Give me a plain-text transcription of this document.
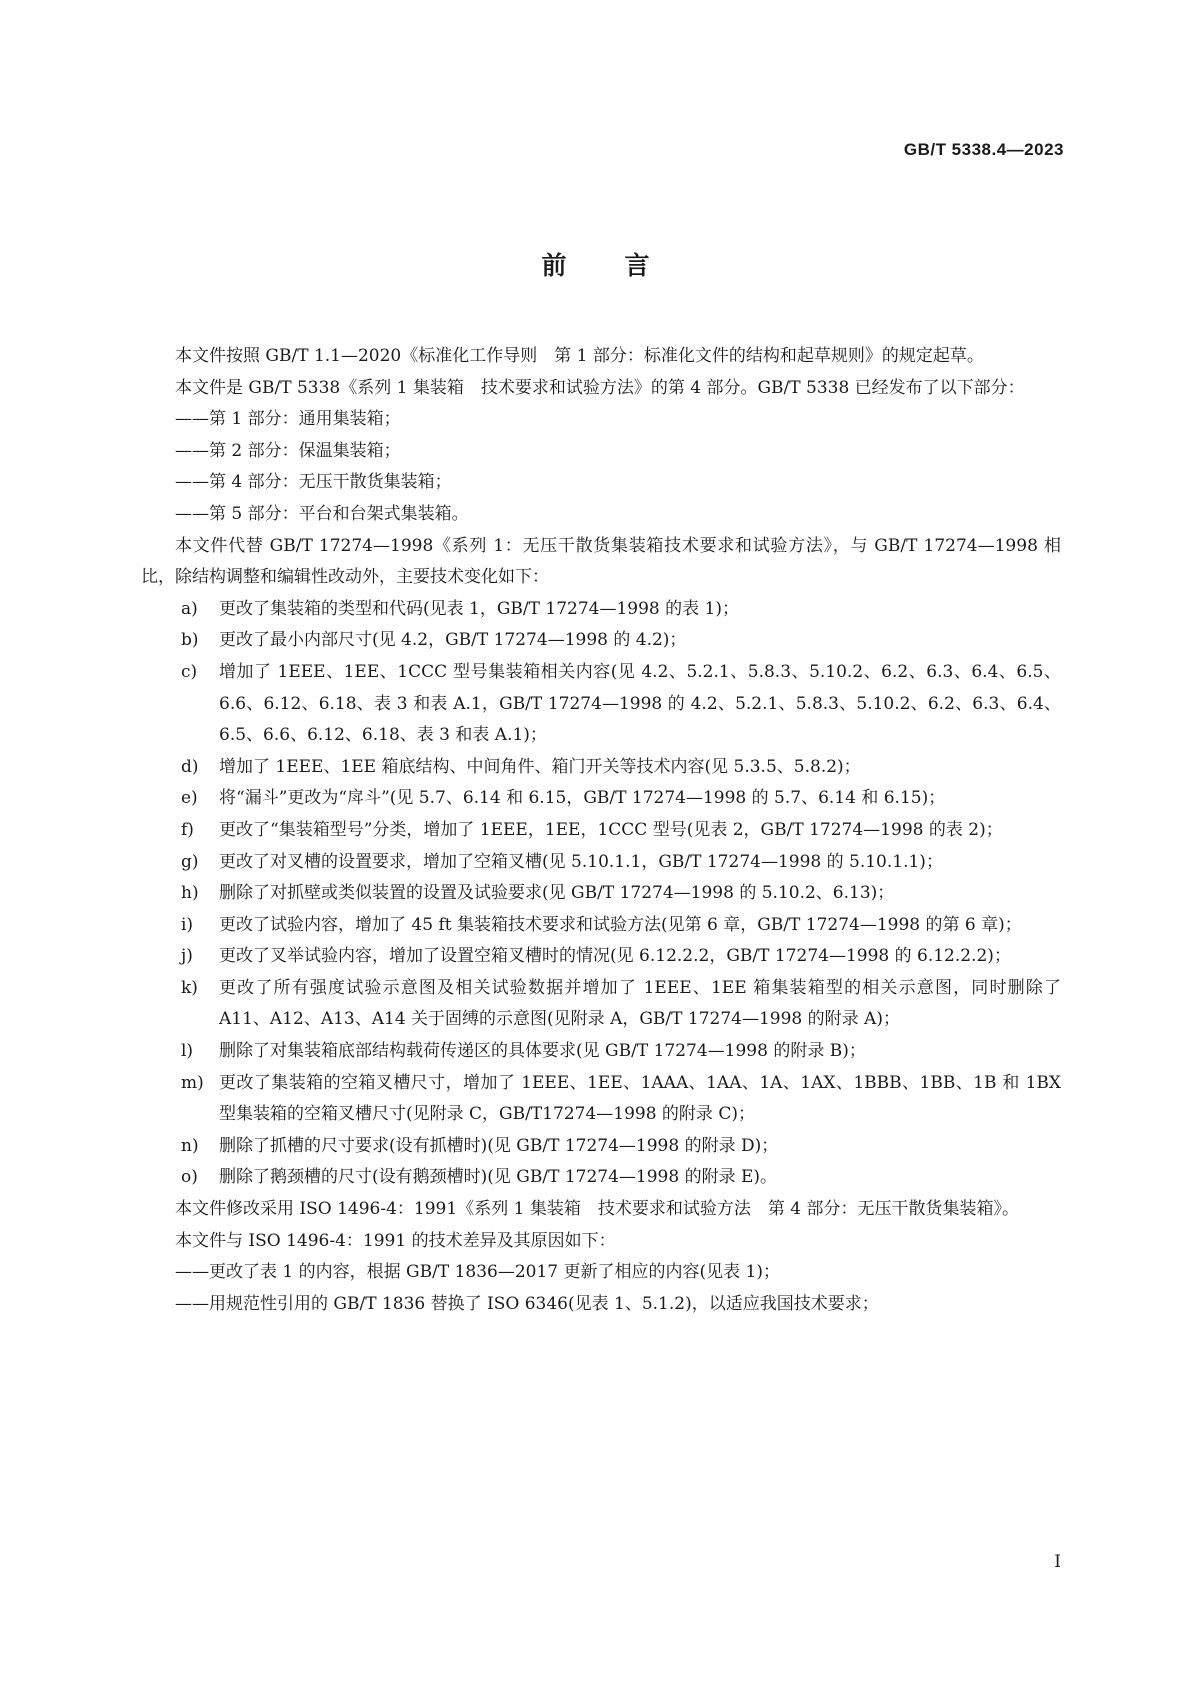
GB/T 5338.4—2023
前言
本文件按照 GB/T 1.1—2020《标准化工作导则　第 1 部分：标准化文件的结构和起草规则》的规定起草。
本文件是 GB/T 5338《系列 1 集装箱　技术要求和试验方法》的第 4 部分。GB/T 5338 已经发布了以下部分：
——第 1 部分：通用集装箱；
——第 2 部分：保温集装箱；
——第 4 部分：无压干散货集装箱；
——第 5 部分：平台和台架式集装箱。
本文件代替 GB/T 17274—1998《系列 1：无压干散货集装箱技术要求和试验方法》，与 GB/T 17274—1998 相比，除结构调整和编辑性改动外，主要技术变化如下：
a)	更改了集装箱的类型和代码(见表 1，GB/T 17274—1998 的表 1)；
b)	更改了最小内部尺寸(见 4.2，GB/T 17274—1998 的 4.2)；
c)	增加了 1EEE、1EE、1CCC 型号集装箱相关内容(见 4.2、5.2.1、5.8.3、5.10.2、6.2、6.3、6.4、6.5、6.6、6.12、6.18、表 3 和表 A.1，GB/T 17274—1998 的 4.2、5.2.1、5.8.3、5.10.2、6.2、6.3、6.4、6.5、6.6、6.12、6.18、表 3 和表 A.1)；
d)	增加了 1EEE、1EE 箱底结构、中间角件、箱门开关等技术内容(见 5.3.5、5.8.2)；
e)	将“漏斗”更改为“戽斗”(见 5.7、6.14 和 6.15，GB/T 17274—1998 的 5.7、6.14 和 6.15)；
f)	更改了“集装箱型号”分类，增加了 1EEE，1EE，1CCC 型号(见表 2，GB/T 17274—1998 的表 2)；
g)	更改了对叉槽的设置要求，增加了空箱叉槽(见 5.10.1.1，GB/T 17274—1998 的 5.10.1.1)；
h)	删除了对抓壁或类似装置的设置及试验要求(见 GB/T 17274—1998 的 5.10.2、6.13)；
i)	更改了试验内容，增加了 45 ft 集装箱技术要求和试验方法(见第 6 章，GB/T 17274—1998 的第 6 章)；
j)	更改了叉举试验内容，增加了设置空箱叉槽时的情况(见 6.12.2.2，GB/T 17274—1998 的 6.12.2.2)；
k)	更改了所有强度试验示意图及相关试验数据并增加了 1EEE、1EE 箱集装箱型的相关示意图，同时删除了 A11、A12、A13、A14 关于固缚的示意图(见附录 A，GB/T 17274—1998 的附录 A)；
l)	删除了对集装箱底部结构载荷传递区的具体要求(见 GB/T 17274—1998 的附录 B)；
m) 更改了集装箱的空箱叉槽尺寸，增加了 1EEE、1EE、1AAA、1AA、1A、1AX、1BBB、1BB、1B 和 1BX 型集装箱的空箱叉槽尺寸(见附录 C，GB/T17274—1998 的附录 C)；
n)	删除了抓槽的尺寸要求(设有抓槽时)(见 GB/T 17274—1998 的附录 D)；
o)	删除了鹅颈槽的尺寸(设有鹅颈槽时)(见 GB/T 17274—1998 的附录 E)。
本文件修改采用 ISO 1496-4：1991《系列 1 集装箱　技术要求和试验方法　第 4 部分：无压干散货集装箱》。
本文件与 ISO 1496-4：1991 的技术差异及其原因如下：
——更改了表 1 的内容，根据 GB/T 1836—2017 更新了相应的内容(见表 1)；
——用规范性引用的 GB/T 1836 替换了 ISO 6346(见表 1、5.1.2)，以适应我国技术要求；
I
